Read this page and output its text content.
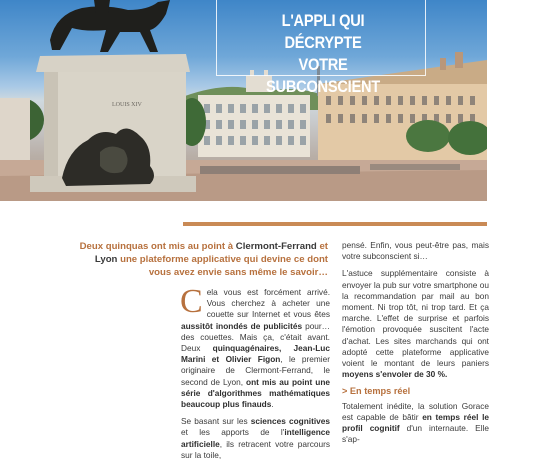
LOUIS XIV
L'APPLI QUI DÉCRYPTE
VOTRE SUBCONSCIENT

Deux quinquas ont mis au point à Clermont-Ferrand et Lyon une plateforme applicative qui devine ce dont vous avez envie sans même le savoir…

Cela vous est forcément arrivé. Vous cherchez à acheter une couette sur Internet et vous êtes aussitôt inondés de publicités pour… des couettes. Mais ça, c'était avant. Deux quinquagénaires, Jean-Luc Marini et Olivier Figon, le premier originaire de Clermont-Ferrand, le second de Lyon, ont mis au point une série d'algorithmes mathématiques beaucoup plus finauds.

Se basant sur les sciences cognitives et les apports de l'intelligence artificielle, ils retracent votre parcours sur la toile,

pensé. Enfin, vous peut-être pas, mais votre subconscient si…

L'astuce supplémentaire consiste à envoyer la pub sur votre smartphone ou la recommandation par mail au bon moment. Ni trop tôt, ni trop tard. Et ça marche. L'effet de surprise et parfois l'émotion provoquée suscitent l'acte d'achat. Les sites marchands qui ont adopté cette plateforme applicative voient le montant de leurs paniers moyens s'envoler de 30 %.

> En temps réel

Totalement inédite, la solution Gorace est capable de bâtir en temps réel le profil cognitif d'un internaute. Elle s'ap-
